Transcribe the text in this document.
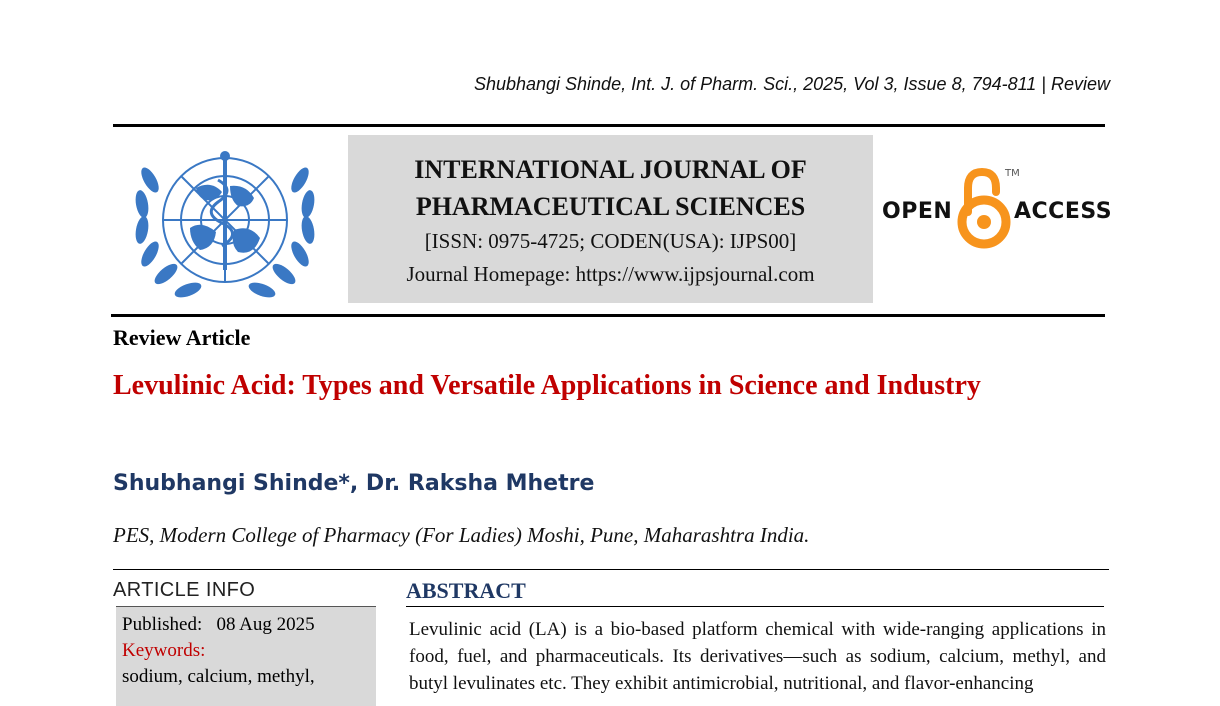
Shubhangi Shinde, Int. J. of Pharm. Sci., 2025, Vol 3, Issue 8, 794-811 | Review
INTERNATIONAL JOURNAL OF
PHARMACEUTICAL SCIENCES
[ISSN: 0975-4725; CODEN(USA): IJPS00]
Journal Homepage: https://www.ijpsjournal.com
OPEN
TM
ACCESS
Review Article
Levulinic Acid: Types and Versatile Applications in Science and Industry
Shubhangi Shinde*, Dr. Raksha Mhetre
PES, Modern College of Pharmacy (For Ladies) Moshi, Pune, Maharashtra India.
ARTICLE INFO
Published: 08 Aug 2025
Keywords:
sodium, calcium, methyl,
ABSTRACT
Levulinic acid (LA) is a bio-based platform chemical with wide-ranging applications in food, fuel, and pharmaceuticals. Its derivatives—such as sodium, calcium, methyl, and butyl levulinates etc. They exhibit antimicrobial, nutritional, and flavor-enhancing
